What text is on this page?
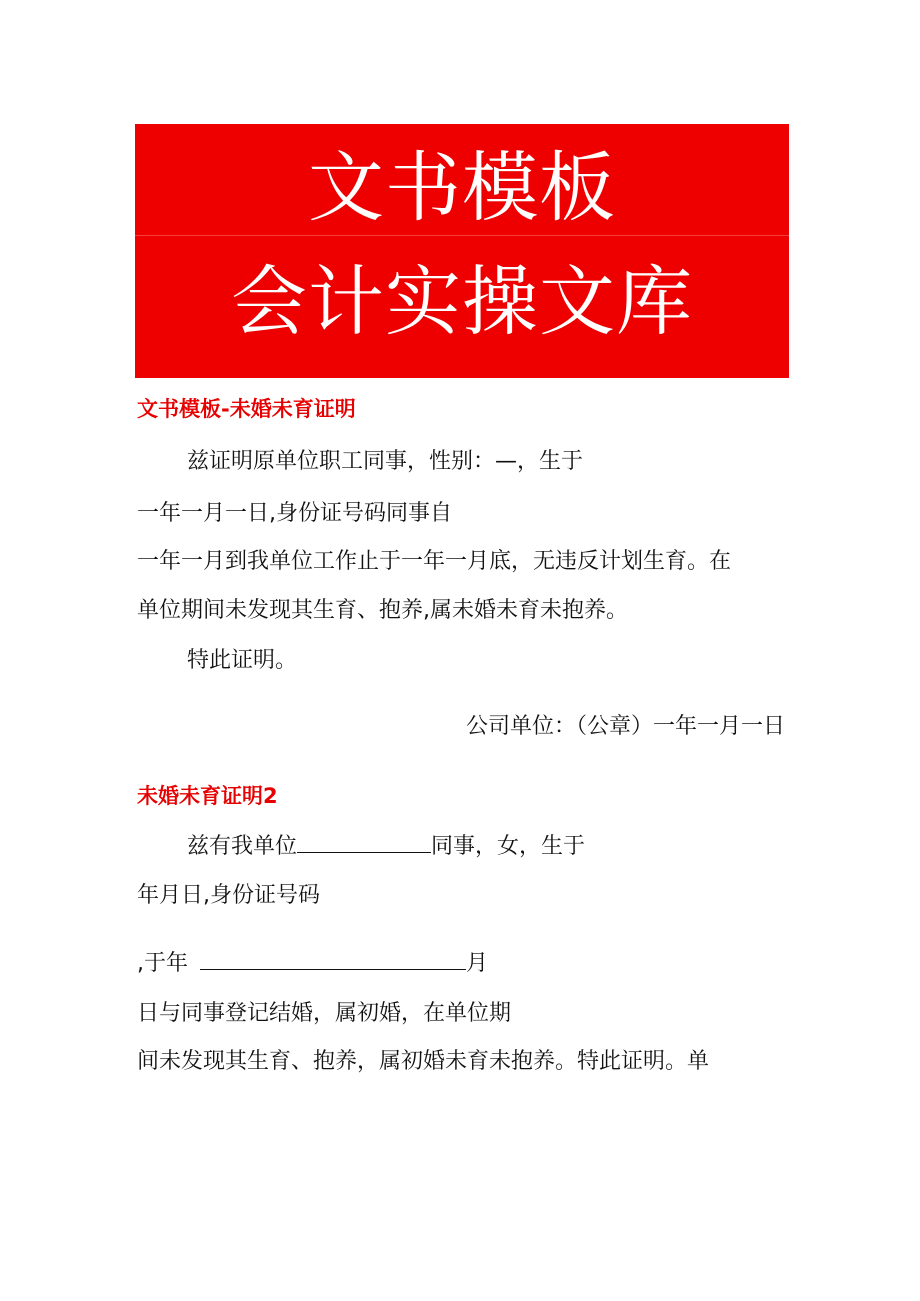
文书模板
会计实操文库
文书模板-未婚未育证明
兹证明原单位职工同事，性别：—，生于
一年一月一日,身份证号码同事自
一年一月到我单位工作止于一年一月底，无违反计划生育。在
单位期间未发现其生育、抱养,属未婚未育未抱养。
特此证明。
公司单位：（公章）一年一月一日
未婚未育证明2
兹有我单位	同事，女，生于
年月日,身份证号码
,于年	月
日与同事登记结婚，属初婚，在单位期
间未发现其生育、抱养，属初婚未育未抱养。特此证明。单
